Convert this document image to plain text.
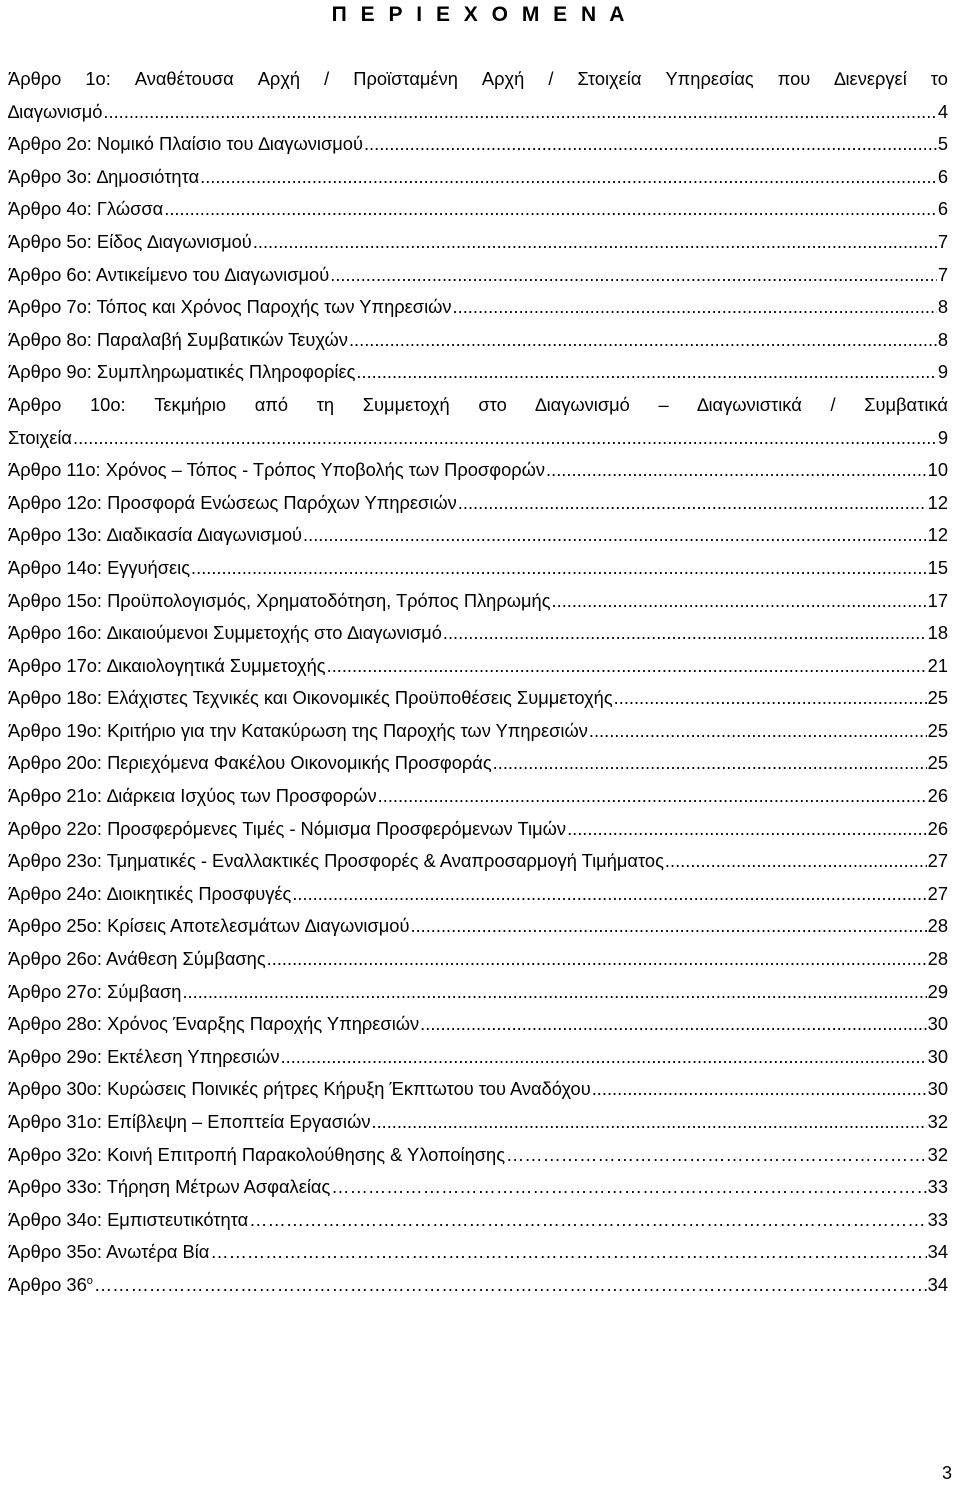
Π Ε Ρ Ι Ε Χ Ο Μ Ε Ν Α
Άρθρο 1ο: Αναθέτουσα Αρχή / Προϊσταμένη Αρχή / Στοιχεία Υπηρεσίας που ∆ιενεργεί το
∆ιαγωνισμό .....	4
Άρθρο 2ο: Νομικό Πλαίσιο του ∆ιαγωνισμού .....	5
Άρθρο 3ο: ∆ημοσιότητα .....	6
Άρθρο 4ο: Γλώσσα .....	6
Άρθρο 5ο: Είδος ∆ιαγωνισμού .....	7
Άρθρο 6ο: Αντικείμενο του ∆ιαγωνισμού .....	7
Άρθρο 7ο: Τόπος και Χρόνος Παροχής των Υπηρεσιών .....	8
Άρθρο 8ο: Παραλαβή Συμβατικών Τευχών .....	8
Άρθρο 9ο: Συμπληρωματικές Πληροφορίες .....	9
Άρθρο 10ο: Τεκμήριο από τη Συμμετοχή στο ∆ιαγωνισμό – ∆ιαγωνιστικά / Συμβατικά
Στοιχεία .....	9
Άρθρο 11ο: Χρόνος – Τόπος - Τρόπος Υποβολής των Προσφορών .....	10
Άρθρο 12ο: Προσφορά Ενώσεως Παρόχων Υπηρεσιών .....	12
Άρθρο 13ο: ∆ιαδικασία ∆ιαγωνισμού .....	12
Άρθρο 14ο: Εγγυήσεις .....	15
Άρθρο 15ο: Προϋπολογισμός, Χρηματοδότηση, Τρόπος Πληρωμής .....	17
Άρθρο 16ο: ∆ικαιούμενοι Συμμετοχής στο ∆ιαγωνισμό .....	18
Άρθρο 17ο: ∆ικαιολογητικά Συμμετοχής .....	21
Άρθρο 18ο: Ελάχιστες Τεχνικές και Οικονομικές Προϋποθέσεις Συμμετοχής .....	25
Άρθρο 19ο: Κριτήριο για την Κατακύρωση της Παροχής των Υπηρεσιών .....	25
Άρθρο 20ο: Περιεχόμενα Φακέλου Οικονομικής Προσφοράς .....	25
Άρθρο 21ο: ∆ιάρκεια Ισχύος των Προσφορών .....	26
Άρθρο 22ο: Προσφερόμενες Τιμές - Νόμισμα Προσφερόμενων Τιμών .....	26
Άρθρο 23ο: Τμηματικές - Εναλλακτικές Προσφορές & Αναπροσαρμογή Τιμήματος .....	27
Άρθρο 24ο: ∆ιοικητικές Προσφυγές .....	27
Άρθρο 25ο: Κρίσεις Αποτελεσμάτων ∆ιαγωνισμού .....	28
Άρθρο 26ο: Ανάθεση Σύμβασης .....	28
Άρθρο 27ο: Σύμβαση .....	29
Άρθρο 28ο: Χρόνος Έναρξης Παροχής Υπηρεσιών .....	30
Άρθρο 29ο: Εκτέλεση Υπηρεσιών .....	30
Άρθρο 30ο: Κυρώσεις Ποινικές ρήτρες Κήρυξη Έκπτωτου του Αναδόχου .....	30
Άρθρο 31ο: Επίβλεψη – Εποπτεία Εργασιών .....	32
Άρθρο 32ο: Κοινή Επιτροπή Παρακολούθησης & Υλοποίησης …………………………………………………………………………………………………………………………………………………………………………………………………………………………	32
Άρθρο 33ο: Τήρηση Μέτρων Ασφαλείας …………………………………………………………………………………………………………………………………………………………………………………………………………………………	33
Άρθρο 34ο: Εμπιστευτικότητα …………………………………………………………………………………………………………………………………………………………………………………………………………………………	33
Άρθρο 35ο: Ανωτέρα Βία …………………………………………………………………………………………………………………………………………………………………………………………………………………………	34
Άρθρο $36^o$ …………………………………………………………………………………………………………………………………………………………………………………………………………………………	34
3
